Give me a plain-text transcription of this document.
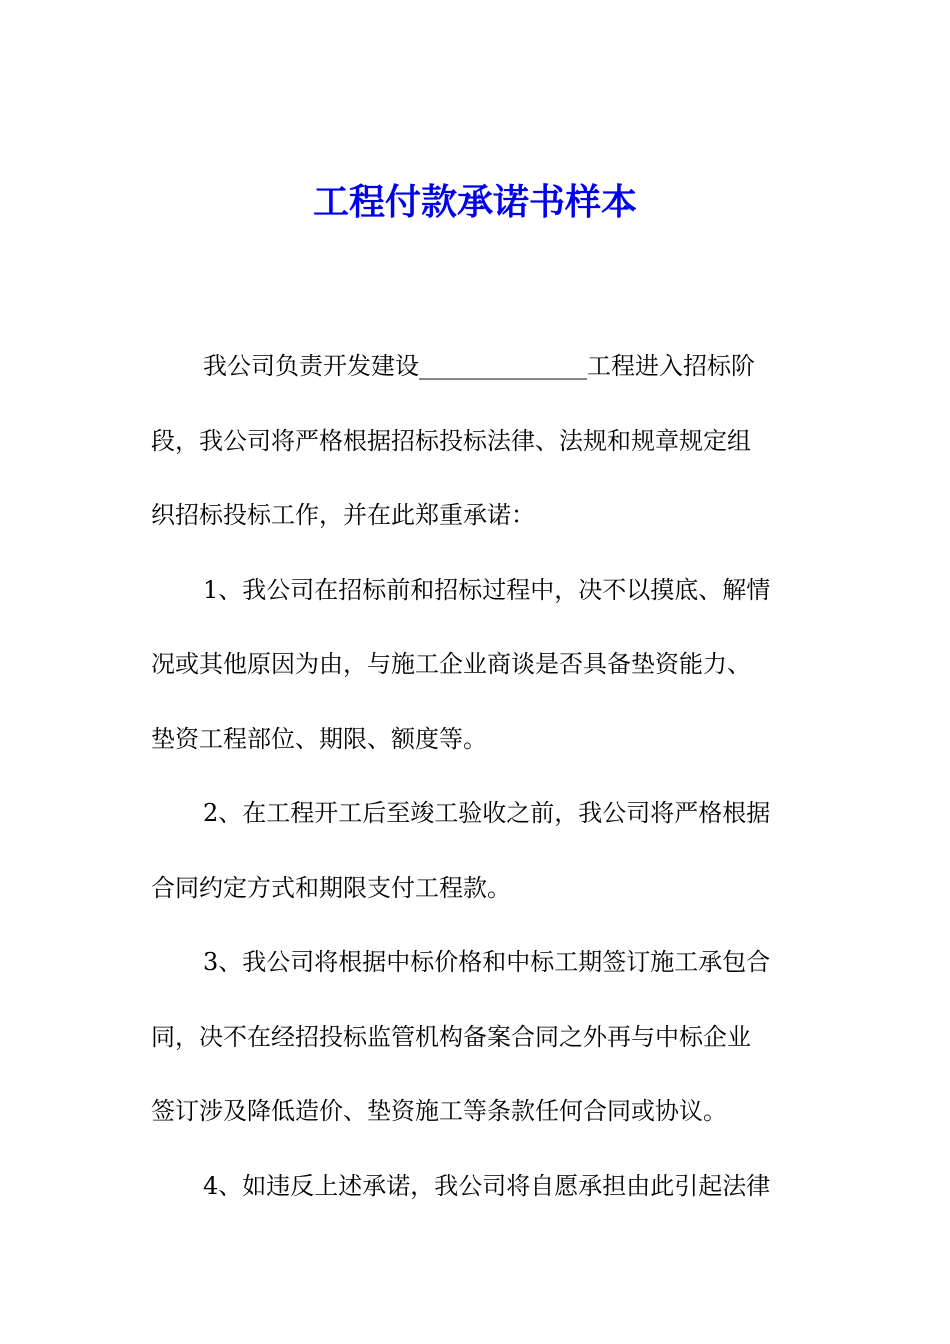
工程付款承诺书样本
我公司负责开发建设______________工程进入招标阶
段，我公司将严格根据招标投标法律、法规和规章规定组
织招标投标工作，并在此郑重承诺：
1、我公司在招标前和招标过程中，决不以摸底、解情
况或其他原因为由，与施工企业商谈是否具备垫资能力、
垫资工程部位、期限、额度等。
2、在工程开工后至竣工验收之前，我公司将严格根据
合同约定方式和期限支付工程款。
3、我公司将根据中标价格和中标工期签订施工承包合
同，决不在经招投标监管机构备案合同之外再与中标企业
签订涉及降低造价、垫资施工等条款任何合同或协议。
4、如违反上述承诺，我公司将自愿承担由此引起法律
